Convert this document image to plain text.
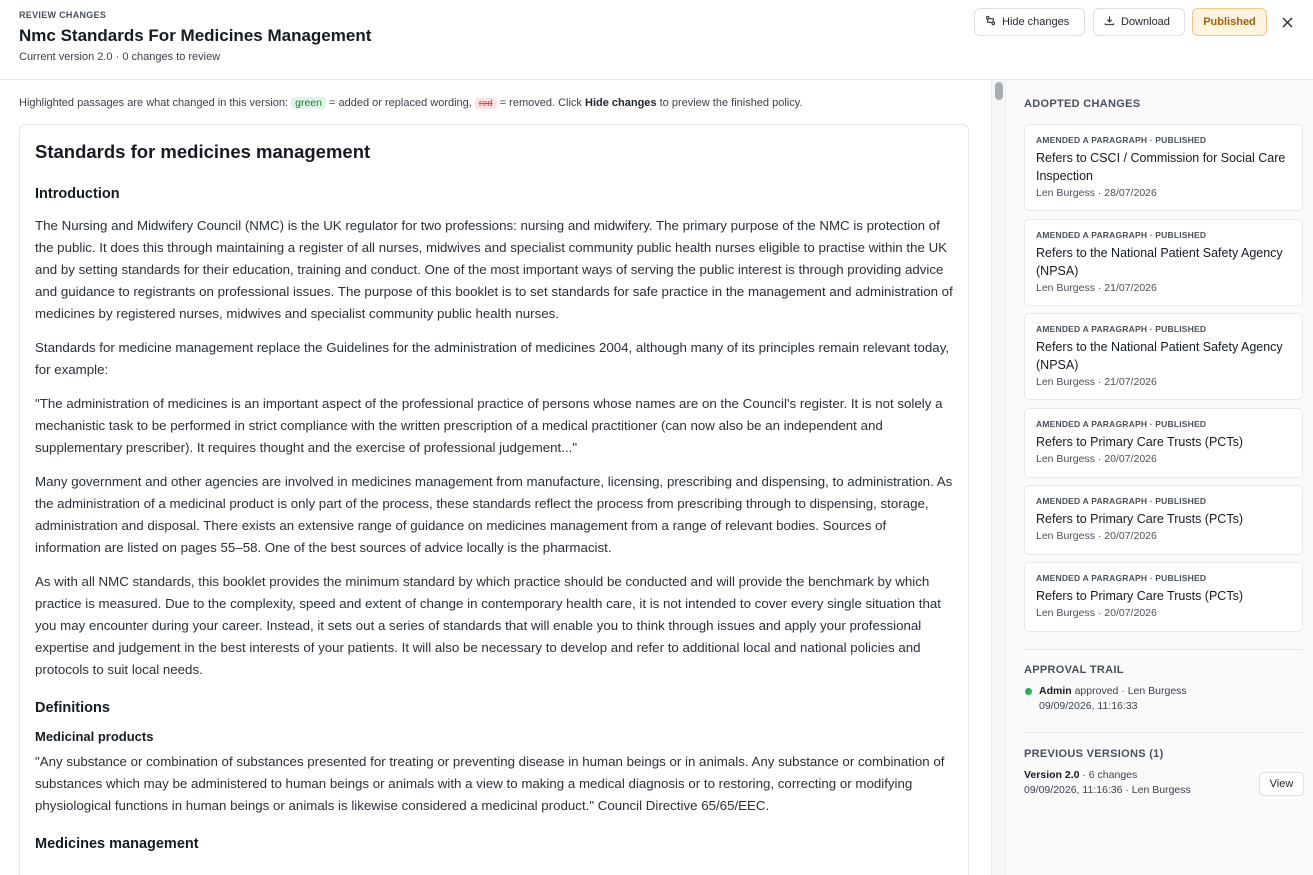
REVIEW CHANGES
Nmc Standards For Medicines Management
Current version 2.0 · 0 changes to review
Hide changes	Download	Published
Highlighted passages are what changed in this version: green = added or replaced wording, red = removed. Click Hide changes to preview the finished policy.
Standards for medicines management
Introduction

The Nursing and Midwifery Council (NMC) is the UK regulator for two professions: nursing and midwifery. The primary purpose of the NMC is protection of the public. It does this through maintaining a register of all nurses, midwives and specialist community public health nurses eligible to practise within the UK and by setting standards for their education, training and conduct. One of the most important ways of serving the public interest is through providing advice and guidance to registrants on professional issues. The purpose of this booklet is to set standards for safe practice in the management and administration of medicines by registered nurses, midwives and specialist community public health nurses.

Standards for medicine management replace the Guidelines for the administration of medicines 2004, although many of its principles remain relevant today, for example:

"The administration of medicines is an important aspect of the professional practice of persons whose names are on the Council's register. It is not solely a mechanistic task to be performed in strict compliance with the written prescription of a medical practitioner (can now also be an independent and supplementary prescriber). It requires thought and the exercise of professional judgement..."

Many government and other agencies are involved in medicines management from manufacture, licensing, prescribing and dispensing, to administration. As the administration of a medicinal product is only part of the process, these standards reflect the process from prescribing through to dispensing, storage, administration and disposal. There exists an extensive range of guidance on medicines management from a range of relevant bodies. Sources of information are listed on pages 55–58. One of the best sources of advice locally is the pharmacist.

As with all NMC standards, this booklet provides the minimum standard by which practice should be conducted and will provide the benchmark by which practice is measured. Due to the complexity, speed and extent of change in contemporary health care, it is not intended to cover every single situation that you may encounter during your career. Instead, it sets out a series of standards that will enable you to think through issues and apply your professional expertise and judgement in the best interests of your patients. It will also be necessary to develop and refer to additional local and national policies and protocols to suit local needs.

Definitions
Medicinal products

"Any substance or combination of substances presented for treating or preventing disease in human beings or in animals. Any substance or combination of substances which may be administered to human beings or animals with a view to making a medical diagnosis or to restoring, correcting or modifying physiological functions in human beings or animals is likewise considered a medicinal product." Council Directive 65/65/EEC.

Medicines management
ADOPTED CHANGES
AMENDED A PARAGRAPH · PUBLISHED
Refers to CSCI / Commission for Social Care Inspection
Len Burgess · 28/07/2026
AMENDED A PARAGRAPH · PUBLISHED
Refers to the National Patient Safety Agency (NPSA)
Len Burgess · 21/07/2026
AMENDED A PARAGRAPH · PUBLISHED
Refers to the National Patient Safety Agency (NPSA)
Len Burgess · 21/07/2026
AMENDED A PARAGRAPH · PUBLISHED
Refers to Primary Care Trusts (PCTs)
Len Burgess · 20/07/2026
AMENDED A PARAGRAPH · PUBLISHED
Refers to Primary Care Trusts (PCTs)
Len Burgess · 20/07/2026
AMENDED A PARAGRAPH · PUBLISHED
Refers to Primary Care Trusts (PCTs)
Len Burgess · 20/07/2026
APPROVAL TRAIL
Admin approved · Len Burgess
09/09/2026, 11:16:33
PREVIOUS VERSIONS (1)
Version 2.0 · 6 changes
09/09/2026, 11:16:36 · Len Burgess	View
